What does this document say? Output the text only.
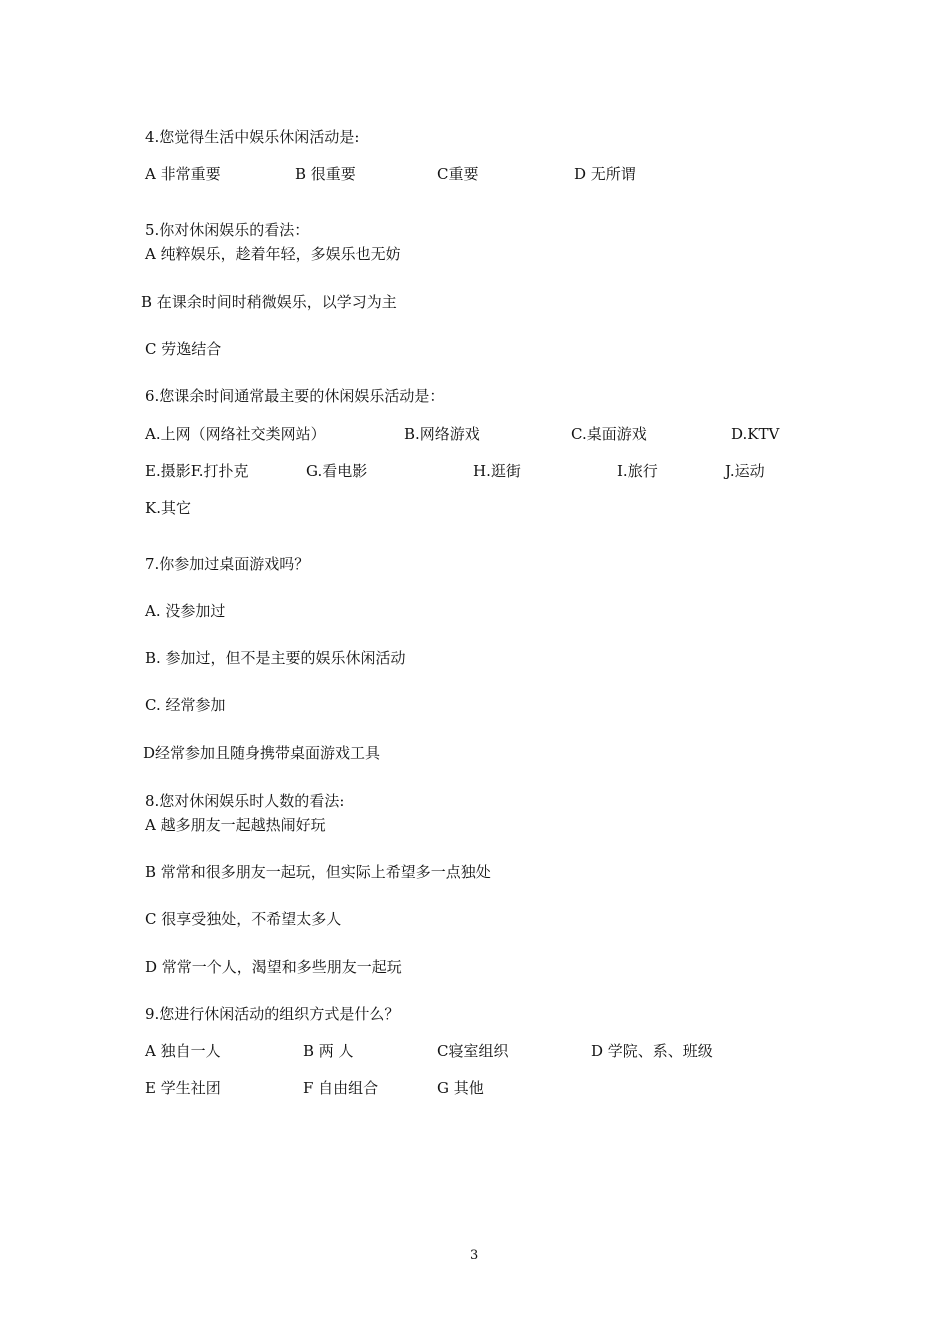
4.您觉得生活中娱乐休闲活动是:
A 非常重要	B 很重要	C重要	D 无所谓
5.你对休闲娱乐的看法：
A 纯粹娱乐，趁着年轻，多娱乐也无妨
B 在课余时间时稍微娱乐，以学习为主
C 劳逸结合
6.您课余时间通常最主要的休闲娱乐活动是：
A.上网（网络社交类网站）	B.网络游戏	C.桌面游戏	D.KTV
E.摄影F.打扑克	G.看电影	H.逛街	I.旅行	J.运动
K.其它
7.你参加过桌面游戏吗？
A. 没参加过
B. 参加过，但不是主要的娱乐休闲活动
C. 经常参加
D经常参加且随身携带桌面游戏工具
8.您对休闲娱乐时人数的看法:
A 越多朋友一起越热闹好玩
B 常常和很多朋友一起玩，但实际上希望多一点独处
C 很享受独处，不希望太多人
D 常常一个人，渴望和多些朋友一起玩
9.您进行休闲活动的组织方式是什么？
A 独自一人	B 两 人	C寝室组织	D 学院、系、班级
E 学生社团	F 自由组合	G 其他
3
